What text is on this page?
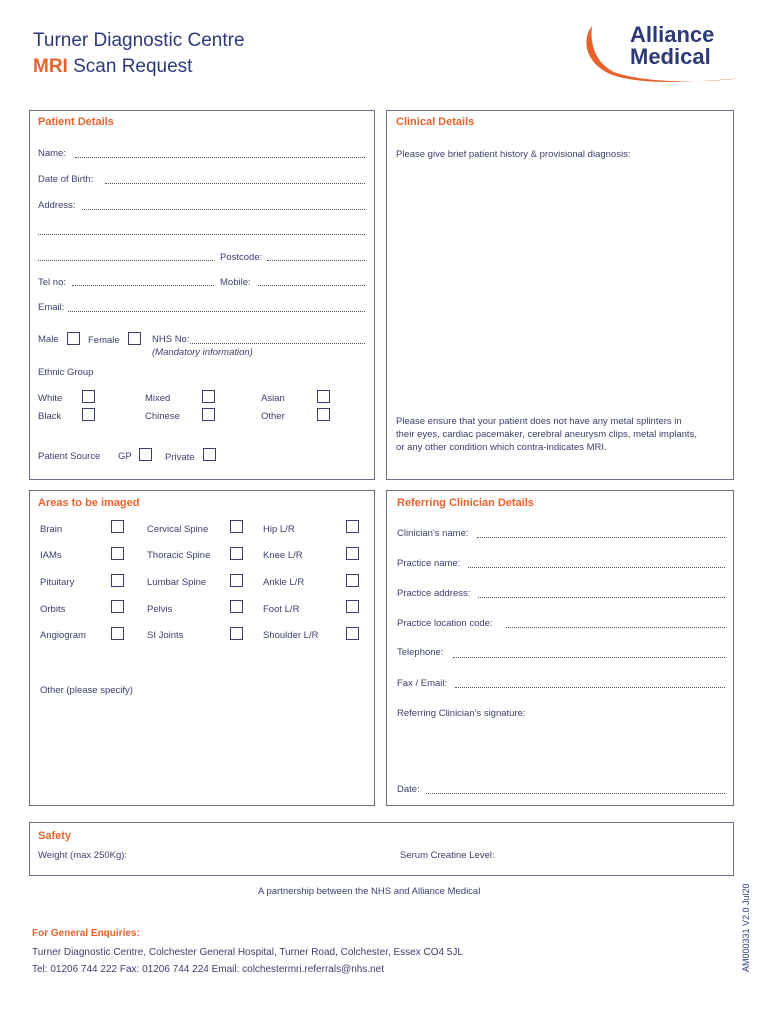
Turner Diagnostic Centre
MRI Scan Request
Alliance
Medical
Patient Details
Name:
Date of Birth:
Address:
Postcode:
Tel no:	Mobile:
Email:
Male	Female	NHS No:
(Mandatory information)
Ethnic Group
White	Mixed	Asian
Black	Chinese	Other
Patient Source GP	Private
Clinical Details
Please give brief patient history & provisional diagnosis:
Please ensure that your patient does not have any metal splinters in
their eyes, cardiac pacemaker, cerebral aneurysm clips, metal implants,
or any other condition which contra-indicates MRI.
Areas to be imaged
Brain	Cervical Spine	Hip L/R
IAMs	Thoracic Spine	Knee L/R
Pituitary	Lumbar Spine	Ankle L/R
Orbits	Pelvis	Foot L/R
Angiogram	SI Joints	Shoulder L/R
Other (please specify)
Referring Clinician Details
Clinician's name:
Practice name:
Practice address:
Practice location code:
Telephone:
Fax / Email:
Referring Clinician's signature:
Date:
Safety
Weight (max 250Kg):	Serum Creatine Level:
A partnership between the NHS and Alliance Medical
For General Enquiries:
Turner Diagnostic Centre, Colchester General Hospital, Turner Road, Colchester, Essex CO4 5JL
Tel: 01206 744 222 Fax: 01206 744 224 Email: colchestermri.referrals@nhs.net	AM000331 V2.0 Jul20
